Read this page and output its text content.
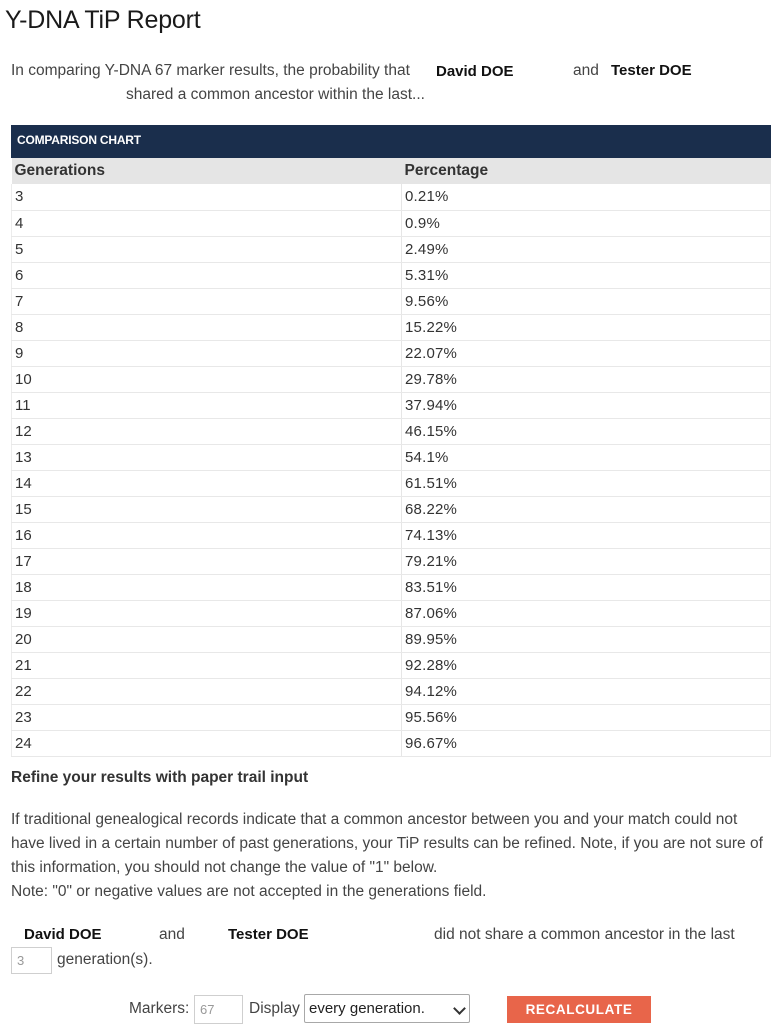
Y-DNA TiP Report
In comparing Y-DNA 67 marker results, the probability that David DOE	and Tester DOE
shared a common ancestor within the last...
COMPARISON CHART
Generations	Percentage
3	0.21%
4	0.9%
5	2.49%
6	5.31%
7	9.56%
8	15.22%
9	22.07%
10	29.78%
11	37.94%
12	46.15%
13	54.1%
14	61.51%
15	68.22%
16	74.13%
17	79.21%
18	83.51%
19	87.06%
20	89.95%
21	92.28%
22	94.12%
23	95.56%
24	96.67%
Refine your results with paper trail input

If traditional genealogical records indicate that a common ancestor between you and your match could not have lived in a certain number of past generations, your TiP results can be refined. Note, if you are not sure of this information, you should not change the value of "1" below.

Note: "0" or negative values are not accepted in the generations field.

David DOE	and	Tester DOE	did not share a common ancestor in the last
3
generation(s).
Markers:
67	Display every generation.	RECALCULATE
